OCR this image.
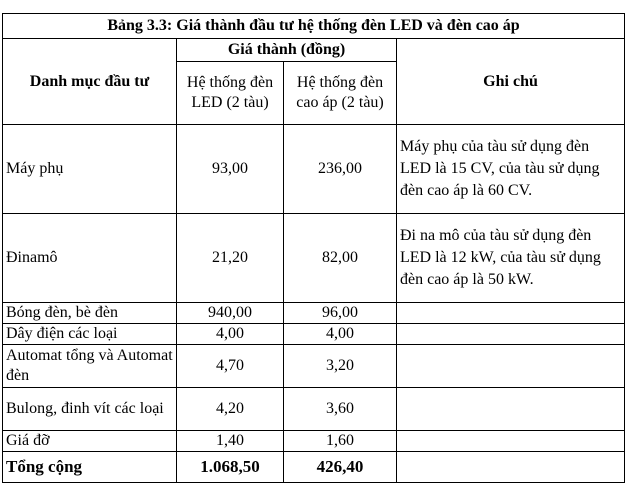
Bảng 3.3: Giá thành đầu tư hệ thống đèn LED và đèn cao áp			
Danh mục đầu tư	Giá thành (đồng)		Ghi chú
	Hệ thống đèn LED (2 tàu)	Hệ thống đèn cao áp (2 tàu)	
Máy phụ	93,00	236,00	Máy phụ của tàu sử dụng đèn LED là 15 CV, của tàu sử dụng đèn cao áp là 60 CV.
Đinamô	21,20	82,00	Đi na mô của tàu sử dụng đèn LED là 12 kW, của tàu sử dụng đèn cao áp là 50 kW.
Bóng đèn, bè đèn	940,00	96,00	
Dây điện các loại	4,00	4,00	
Automat tổng và Automat đèn	4,70	3,20	
Bulong, đinh vít các loại	4,20	3,60	
Giá đỡ	1,40	1,60	
Tổng cộng	1.068,50	426,40	
